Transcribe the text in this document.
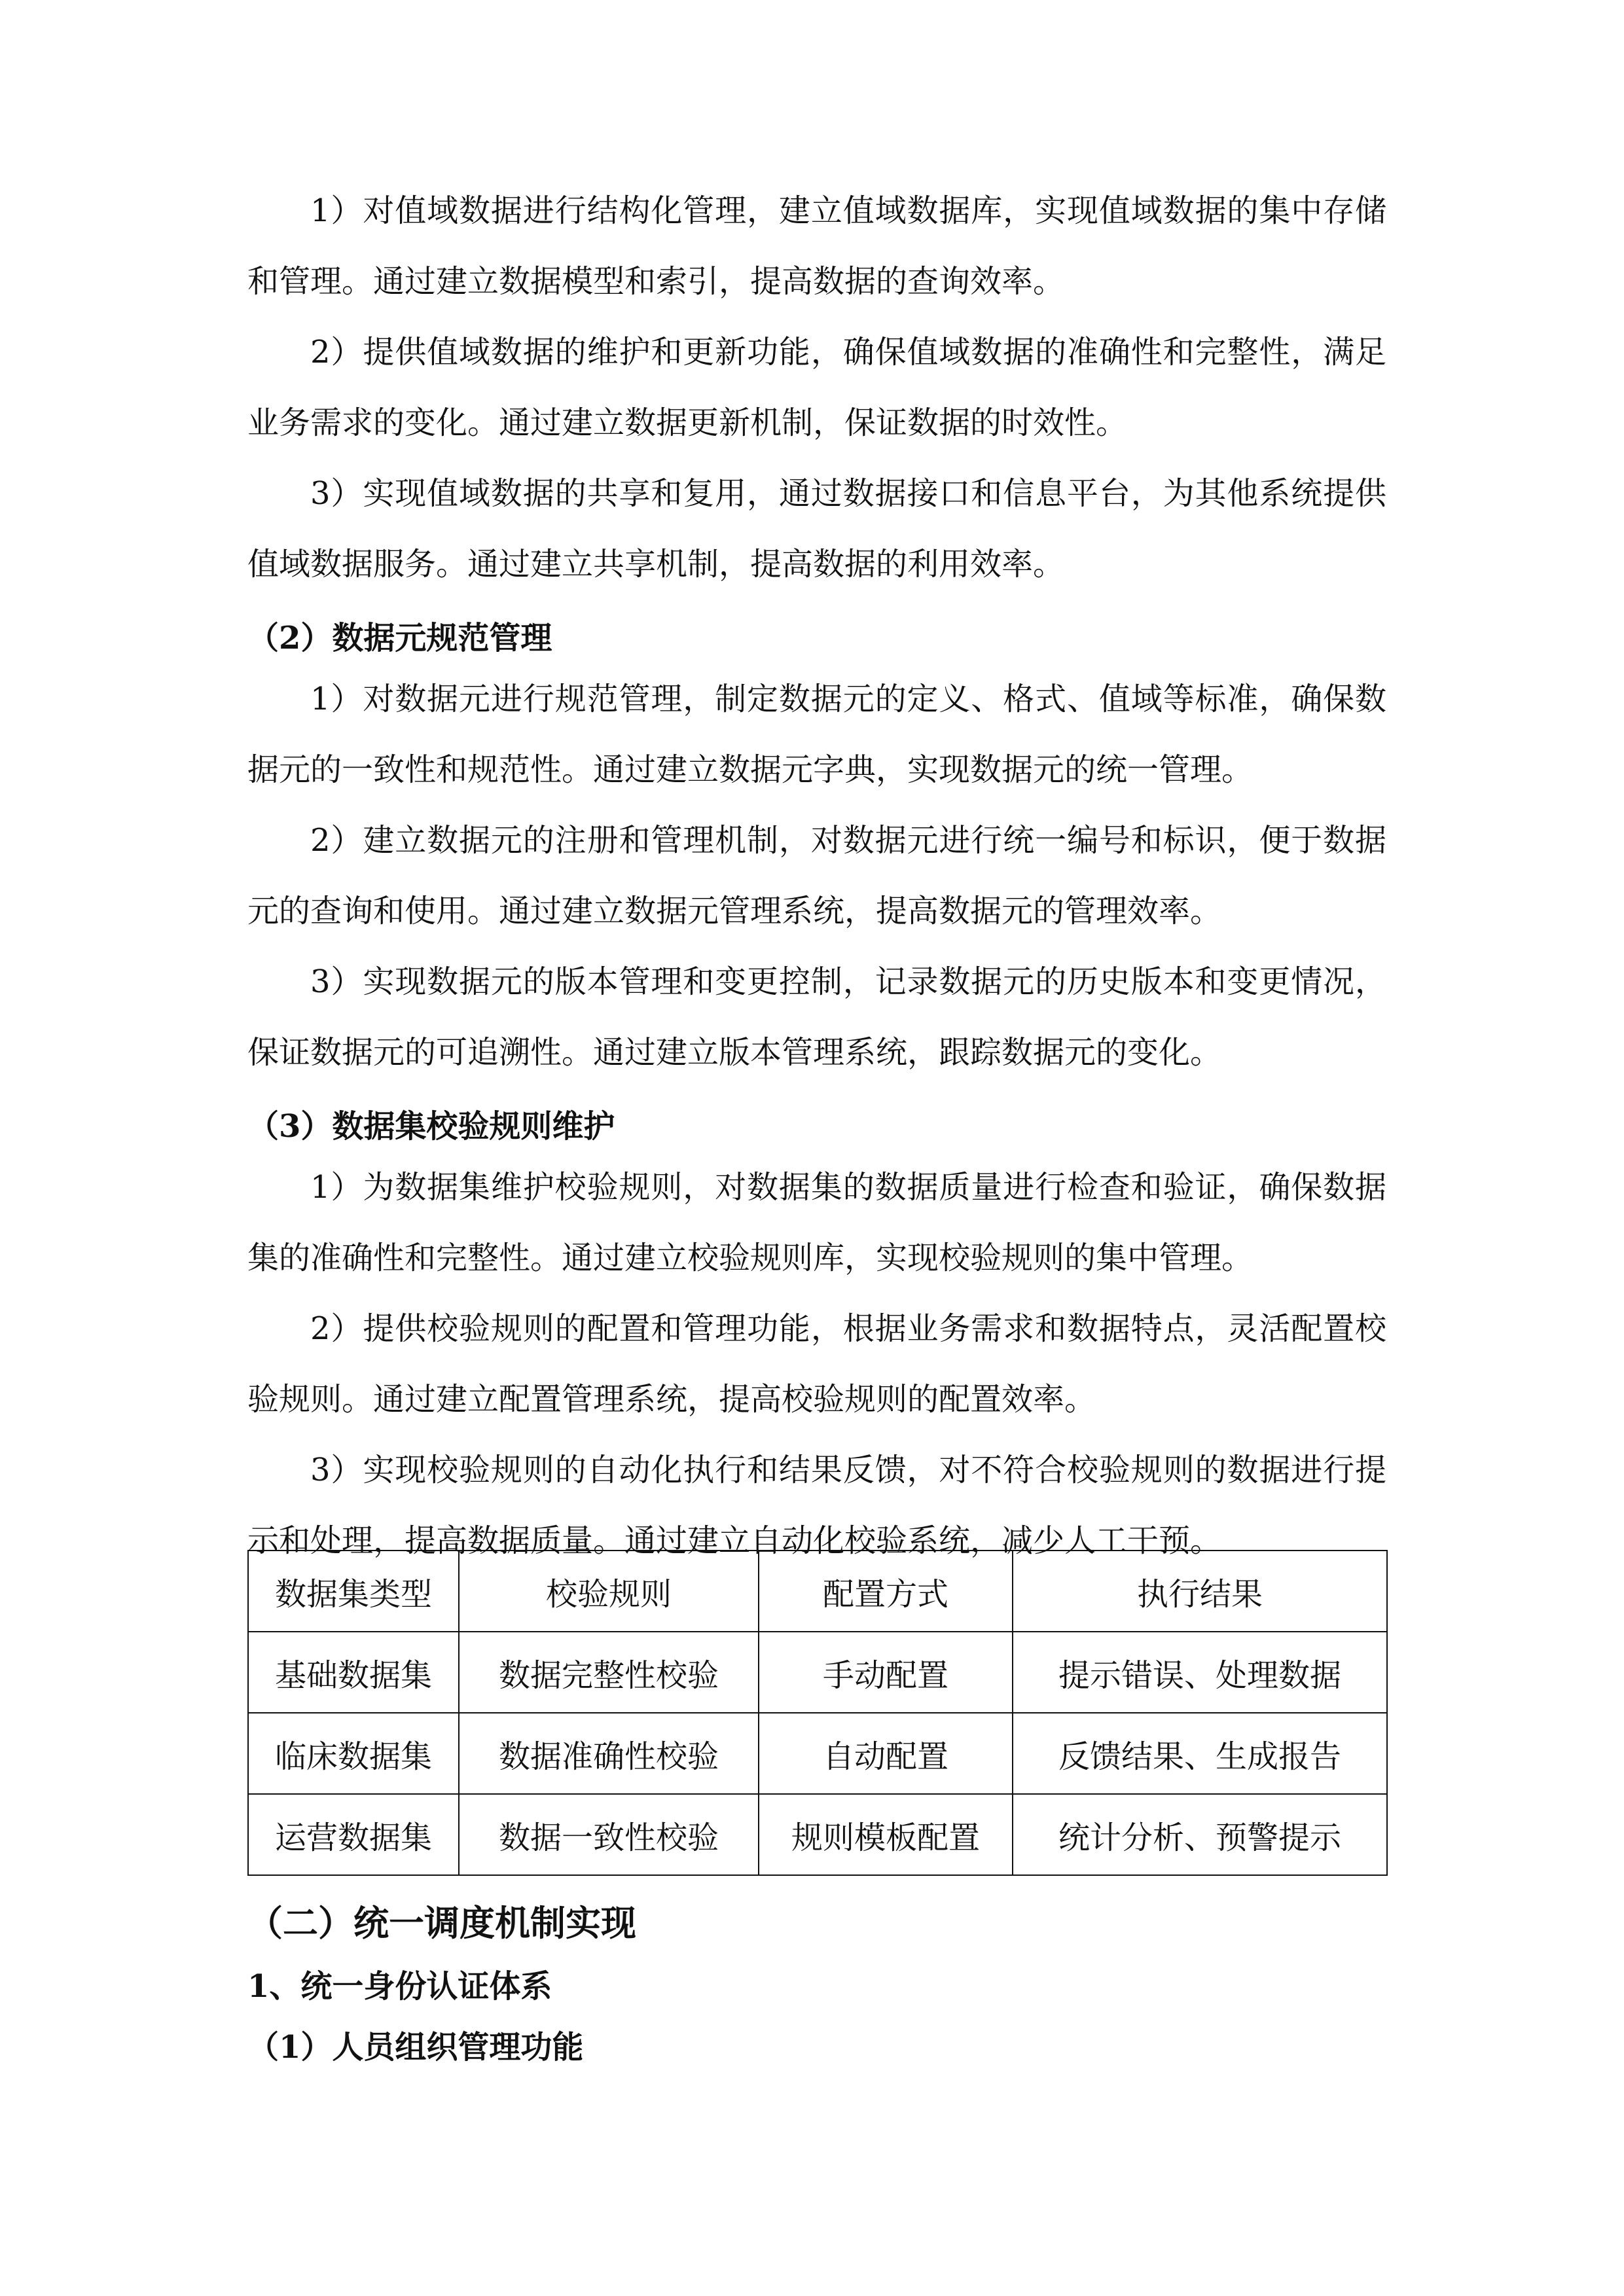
1）对值域数据进行结构化管理，建立值域数据库，实现值域数据的集中存储和管理。通过建立数据模型和索引，提高数据的查询效率。

2）提供值域数据的维护和更新功能，确保值域数据的准确性和完整性，满足业务需求的变化。通过建立数据更新机制，保证数据的时效性。

3）实现值域数据的共享和复用，通过数据接口和信息平台，为其他系统提供值域数据服务。通过建立共享机制，提高数据的利用效率。

（2）数据元规范管理

1）对数据元进行规范管理，制定数据元的定义、格式、值域等标准，确保数据元的一致性和规范性。通过建立数据元字典，实现数据元的统一管理。

2）建立数据元的注册和管理机制，对数据元进行统一编号和标识，便于数据元的查询和使用。通过建立数据元管理系统，提高数据元的管理效率。

3）实现数据元的版本管理和变更控制，记录数据元的历史版本和变更情况，保证数据元的可追溯性。通过建立版本管理系统，跟踪数据元的变化。

（3）数据集校验规则维护

1）为数据集维护校验规则，对数据集的数据质量进行检查和验证，确保数据集的准确性和完整性。通过建立校验规则库，实现校验规则的集中管理。

2）提供校验规则的配置和管理功能，根据业务需求和数据特点，灵活配置校验规则。通过建立配置管理系统，提高校验规则的配置效率。

3）实现校验规则的自动化执行和结果反馈，对不符合校验规则的数据进行提示和处理，提高数据质量。通过建立自动化校验系统，减少人工干预。

数据集类型	校验规则	配置方式	执行结果
基础数据集	数据完整性校验	手动配置	提示错误、处理数据
临床数据集	数据准确性校验	自动配置	反馈结果、生成报告
运营数据集	数据一致性校验	规则模板配置	统计分析、预警提示
（二）统一调度机制实现
1、统一身份认证体系
（1）人员组织管理功能
